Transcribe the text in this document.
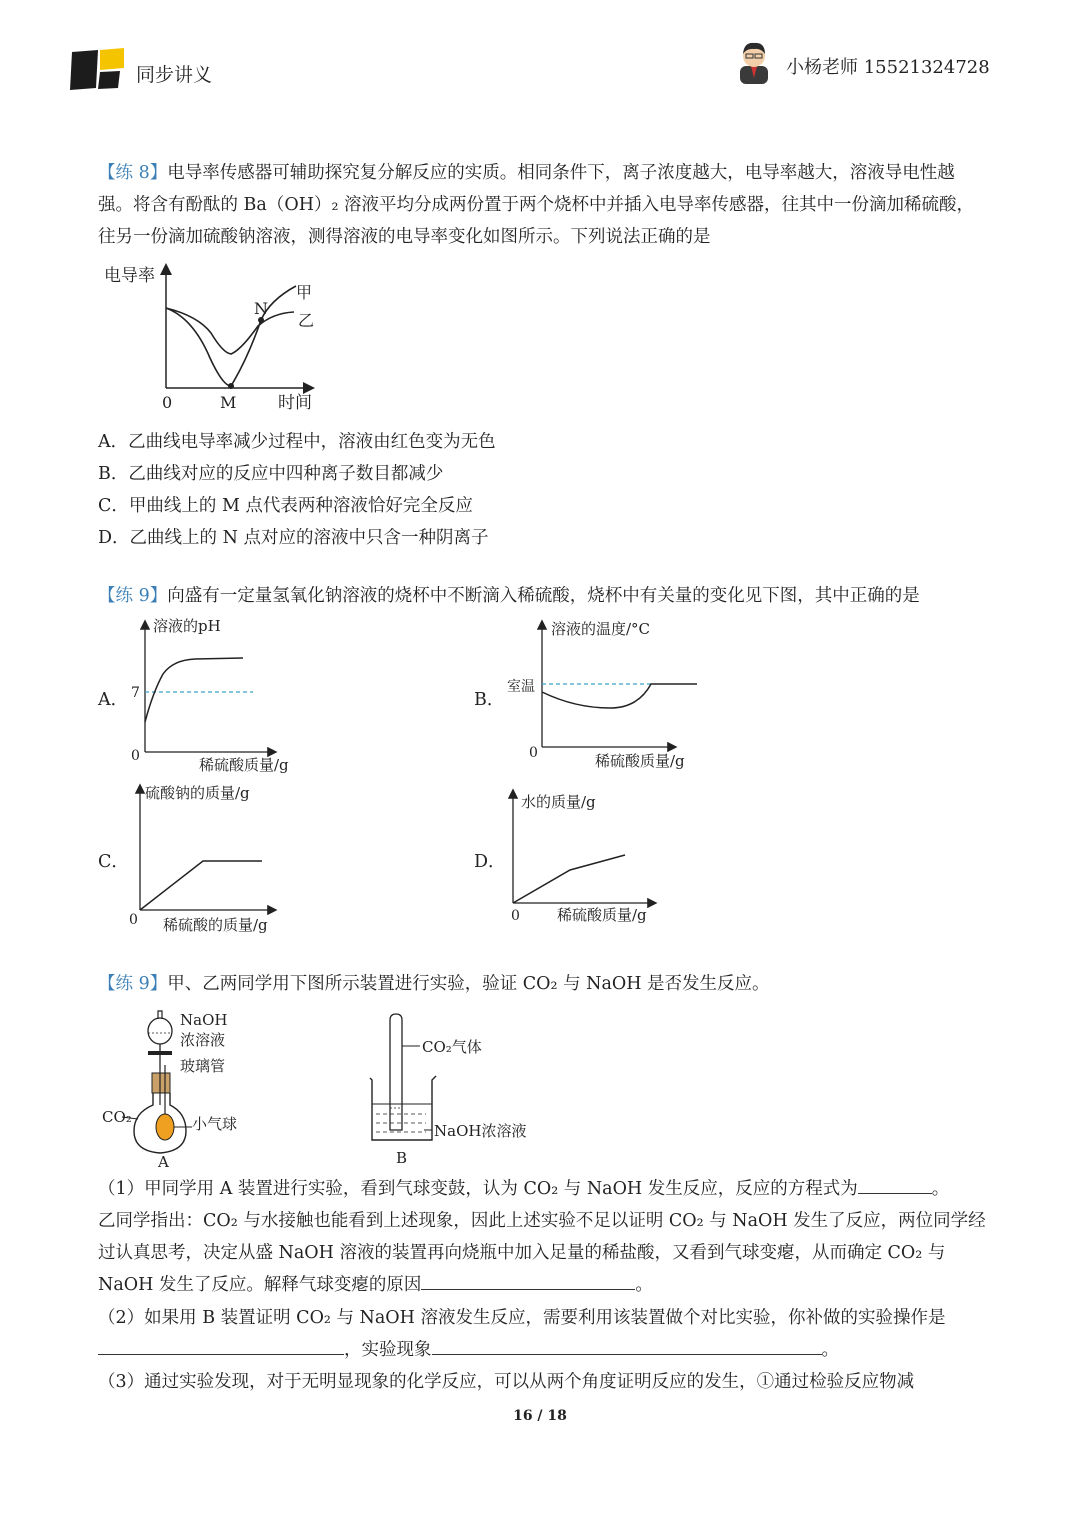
同步讲义	小杨老师 15521324728
【练 8】电导率传感器可辅助探究复分解反应的实质。相同条件下，离子浓度越大，电导率越大，溶液导电性越强。将含有酚酞的 Ba（OH）₂ 溶液平均分成两份置于两个烧杯中并插入电导率传感器，往其中一份滴加稀硫酸，往另一份滴加硫酸钠溶液，测得溶液的电导率变化如图所示。下列说法正确的是
电导率
时间
0	M
N
甲
乙
A．乙曲线电导率减少过程中，溶液由红色变为无色
B．乙曲线对应的反应中四种离子数目都减少
C．甲曲线上的 M 点代表两种溶液恰好完全反应
D．乙曲线上的 N 点对应的溶液中只含一种阴离子
【练 9】向盛有一定量氢氧化钠溶液的烧杯中不断滴入稀硫酸，烧杯中有关量的变化见下图，其中正确的是
A．
溶液的pH
稀硫酸质量/g
0
7	B．
溶液的温度/°C
稀硫酸质量/g
0
室温
C．
硫酸钠的质量/g
稀硫酸的质量/g
0
D．
水的质量/g
稀硫酸质量/g
0
【练 9】甲、乙两同学用下图所示装置进行实验，验证 CO₂ 与 NaOH 是否发生反应。
NaOH
浓溶液
玻璃管
CO₂	小气球
A
CO₂气体
NaOH浓溶液
B
（1）甲同学用 A 装置进行实验，看到气球变鼓，认为 CO₂ 与 NaOH 发生反应，反应的方程式为	。
乙同学指出：CO₂ 与水接触也能看到上述现象，因此上述实验不足以证明 CO₂ 与 NaOH 发生了反应，两位同学经过认真思考，决定从盛 NaOH 溶液的装置再向烧瓶中加入足量的稀盐酸，又看到气球变瘪，从而确定 CO₂ 与 NaOH 发生了反应。解释气球变瘪的原因	。
（2）如果用 B 装置证明 CO₂ 与 NaOH 溶液发生反应，需要利用该装置做个对比实验，你补做的实验操作是
，实验现象	。
（3）通过实验发现，对于无明显现象的化学反应，可以从两个角度证明反应的发生，①通过检验反应物减
16 / 18
